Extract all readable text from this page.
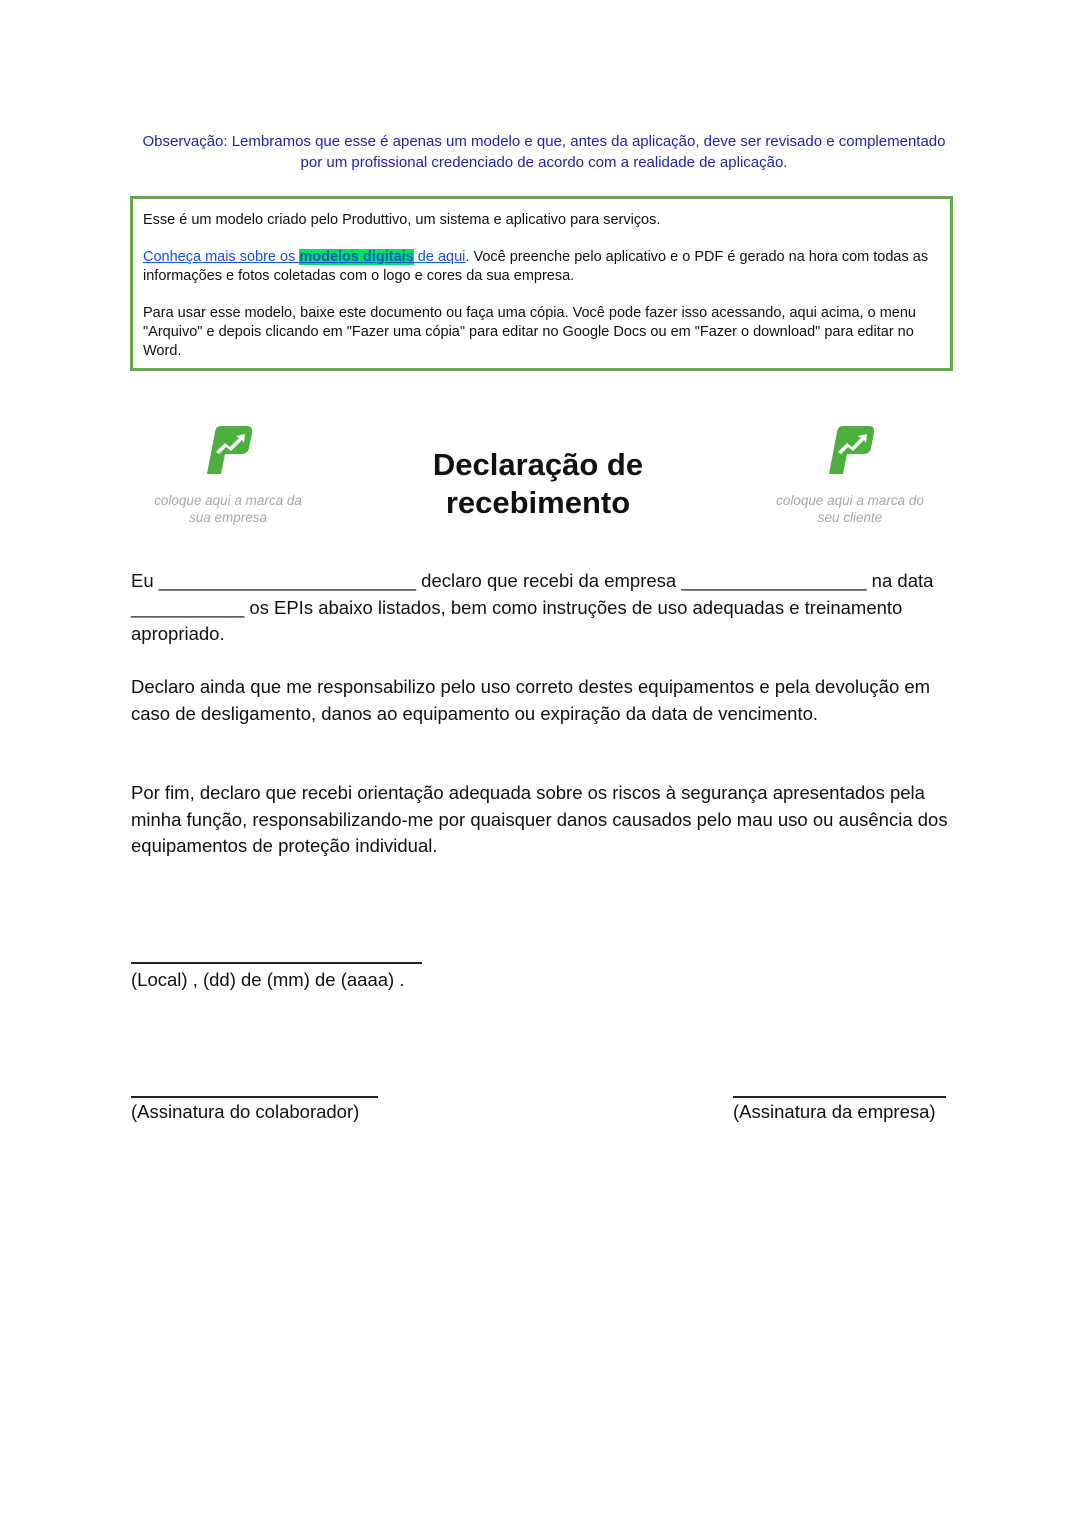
Observação: Lembramos que esse é apenas um modelo e que, antes da aplicação, deve ser revisado e complementado por um profissional credenciado de acordo com a realidade de aplicação.

Esse é um modelo criado pelo Produttivo, um sistema e aplicativo para serviços.

Conheça mais sobre os modelos digitais de aqui. Você preenche pelo aplicativo e o PDF é gerado na hora com todas as informações e fotos coletadas com o logo e cores da sua empresa.

Para usar esse modelo, baixe este documento ou faça uma cópia. Você pode fazer isso acessando, aqui acima, o menu "Arquivo" e depois clicando em "Fazer uma cópia" para editar no Google Docs ou em "Fazer o download" para editar no Word.

coloque aqui a marca da sua empresa
Declaração de
recebimento	coloque aqui a marca do seu cliente
Eu _________________________ declaro que recebi da empresa __________________ na data ___________ os EPIs abaixo listados, bem como instruções de uso adequadas e treinamento apropriado.
Declaro ainda que me responsabilizo pelo uso correto destes equipamentos e pela devolução em caso de desligamento, danos ao equipamento ou expiração da data de vencimento.
Por fim, declaro que recebi orientação adequada sobre os riscos à segurança apresentados pela minha função, responsabilizando-me por quaisquer danos causados pelo mau uso ou ausência dos equipamentos de proteção individual.
(Local) , (dd) de (mm) de (aaaa) .
(Assinatura do colaborador)	(Assinatura da empresa)
